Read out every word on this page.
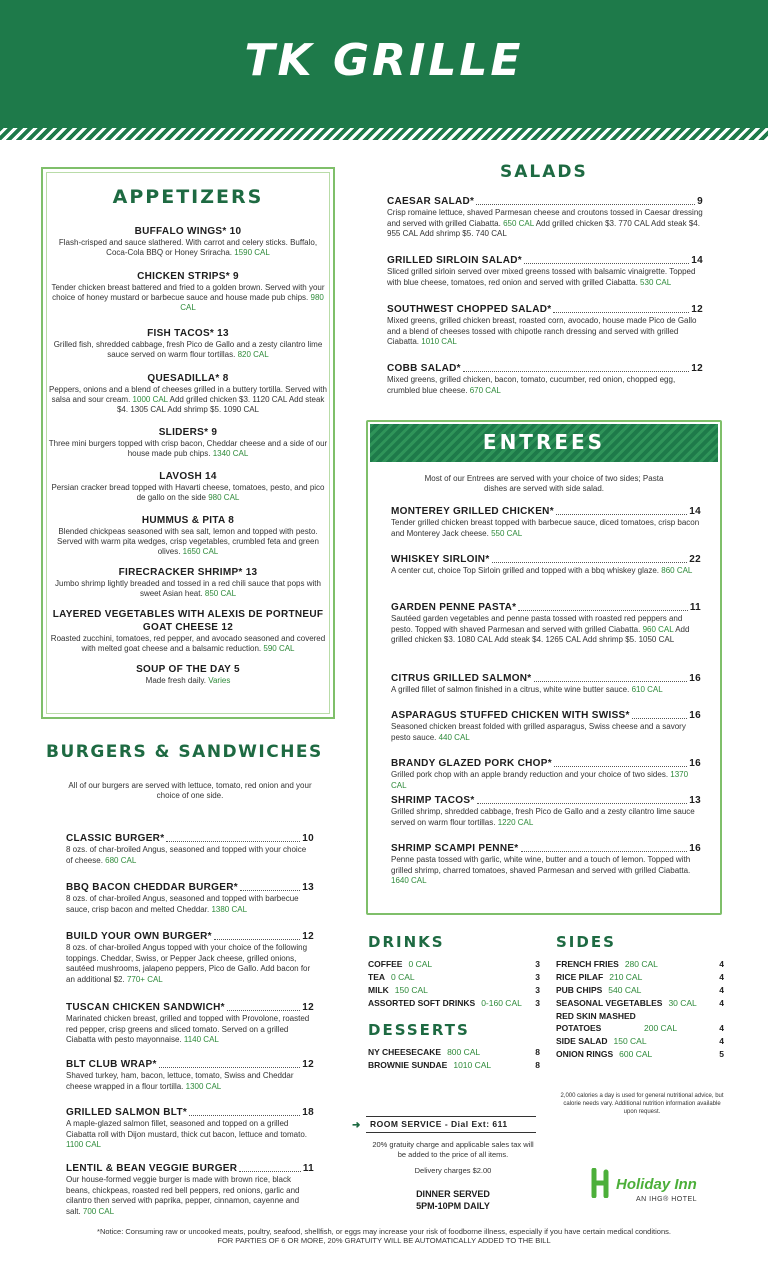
TK GRILLE
APPETIZERS
BUFFALO WINGS* 10
Flash-crisped and sauce slathered. With carrot and celery sticks. Buffalo, Coca-Cola BBQ or Honey Sriracha. 1590 CAL
CHICKEN STRIPS* 9
Tender chicken breast battered and fried to a golden brown. Served with your choice of honey mustard or barbecue sauce and house made pub chips. 980 CAL
FISH TACOS* 13
Grilled fish, shredded cabbage, fresh Pico de Gallo and a zesty cilantro lime sauce served on warm flour tortillas. 820 CAL
QUESADILLA* 8
Peppers, onions and a blend of cheeses grilled in a buttery tortilla. Served with salsa and sour cream. 1000 CAL Add grilled chicken $3. 1120 CAL Add steak $4. 1305 CAL Add shrimp $5. 1090 CAL
SLIDERS* 9
Three mini burgers topped with crisp bacon, Cheddar cheese and a side of our house made pub chips. 1340 CAL
LAVOSH 14
Persian cracker bread topped with Havarti cheese, tomatoes, pesto, and pico de gallo on the side 980 CAL
HUMMUS & PITA 8
Blended chickpeas seasoned with sea salt, lemon and topped with pesto. Served with warm pita wedges, crisp vegetables, crumbled feta and green olives. 1650 CAL
FIRECRACKER SHRIMP* 13
Jumbo shrimp lightly breaded and tossed in a red chili sauce that pops with sweet Asian heat. 850 CAL
LAYERED VEGETABLES WITH ALEXIS DE PORTNEUF GOAT CHEESE 12
Roasted zucchini, tomatoes, red pepper, and avocado seasoned and covered with melted goat cheese and a balsamic reduction. 590 CAL
SOUP OF THE DAY 5
Made fresh daily. Varies
BURGERS & SANDWICHES
All of our burgers are served with lettuce, tomato, red onion and your choice of one side.
CLASSIC BURGER*	10
8 ozs. of char-broiled Angus, seasoned and topped with your choice of cheese. 680 CAL
BBQ BACON CHEDDAR BURGER*	13
8 ozs. of char-broiled Angus, seasoned and topped with barbecue sauce, crisp bacon and melted Cheddar. 1380 CAL
BUILD YOUR OWN BURGER*	12
8 ozs. of char-broiled Angus topped with your choice of the following toppings. Cheddar, Swiss, or Pepper Jack cheese, grilled onions, sautéed mushrooms, jalapeno peppers, Pico de Gallo. Add bacon for an additional $2. 770+ CAL
TUSCAN CHICKEN SANDWICH*	12
Marinated chicken breast, grilled and topped with Provolone, roasted red pepper, crisp greens and sliced tomato. Served on a grilled Ciabatta with pesto mayonnaise. 1140 CAL
BLT CLUB WRAP*	12
Shaved turkey, ham, bacon, lettuce, tomato, Swiss and Cheddar cheese wrapped in a flour tortilla. 1300 CAL
GRILLED SALMON BLT*	18
A maple-glazed salmon fillet, seasoned and topped on a grilled Ciabatta roll with Dijon mustard, thick cut bacon, lettuce and tomato. 1100 CAL
LENTIL & BEAN VEGGIE BURGER	11
Our house-formed veggie burger is made with brown rice, black beans, chickpeas, roasted red bell peppers, red onions, garlic and cilantro then served with paprika, pepper, cinnamon, cayenne and salt. 700 CAL
SALADS
CAESAR SALAD*	9
Crisp romaine lettuce, shaved Parmesan cheese and croutons tossed in Caesar dressing and served with grilled Ciabatta. 650 CAL Add grilled chicken $3. 770 CAL Add steak $4. 955 CAL Add shrimp $5. 740 CAL
GRILLED SIRLOIN SALAD*	14
Sliced grilled sirloin served over mixed greens tossed with balsamic vinaigrette. Topped with blue cheese, tomatoes, red onion and served with grilled Ciabatta. 530 CAL
SOUTHWEST CHOPPED SALAD*	12
Mixed greens, grilled chicken breast, roasted corn, avocado, house made Pico de Gallo and a blend of cheeses tossed with chipotle ranch dressing and served with grilled Ciabatta. 1010 CAL
COBB SALAD*	12
Mixed greens, grilled chicken, bacon, tomato, cucumber, red onion, chopped egg, crumbled blue cheese. 670 CAL
ENTREES
Most of our Entrees are served with your choice of two sides; Pasta dishes are served with side salad.
MONTEREY GRILLED CHICKEN*	14
Tender grilled chicken breast topped with barbecue sauce, diced tomatoes, crisp bacon and Monterey Jack cheese. 550 CAL
WHISKEY SIRLOIN*	22
A center cut, choice Top Sirloin grilled and topped with a bbq whiskey glaze. 860 CAL
GARDEN PENNE PASTA*	11
Sautéed garden vegetables and penne pasta tossed with roasted red peppers and pesto. Topped with shaved Parmesan and served with grilled Ciabatta. 960 CAL Add grilled chicken $3. 1080 CAL Add steak $4. 1265 CAL Add shrimp $5. 1050 CAL
CITRUS GRILLED SALMON*	16
A grilled fillet of salmon finished in a citrus, white wine butter sauce. 610 CAL
ASPARAGUS STUFFED CHICKEN WITH SWISS*	16
Seasoned chicken breast folded with grilled asparagus, Swiss cheese and a savory pesto sauce. 440 CAL
BRANDY GLAZED PORK CHOP*	16
Grilled pork chop with an apple brandy reduction and your choice of two sides. 1370 CAL
SHRIMP TACOS*	13
Grilled shrimp, shredded cabbage, fresh Pico de Gallo and a zesty cilantro lime sauce served on warm flour tortillas. 1220 CAL
SHRIMP SCAMPI PENNE*	16
Penne pasta tossed with garlic, white wine, butter and a touch of lemon. Topped with grilled shrimp, charred tomatoes, shaved Parmesan and served with grilled Ciabatta. 1640 CAL
DRINKS
COFFEE 0 CAL	3
TEA 0 CAL	3
MILK 150 CAL	3
ASSORTED SOFT DRINKS 0-160 CAL	3
DESSERTS
NY CHEESECAKE 800 CAL	8
BROWNIE SUNDAE 1010 CAL	8
SIDES
FRENCH FRIES 280 CAL	4
RICE PILAF 210 CAL	4
PUB CHIPS 540 CAL	4
SEASONAL VEGETABLES 30 CAL	4
RED SKIN MASHED POTATOES	200 CAL	4
SIDE SALAD 150 CAL	4
ONION RINGS 600 CAL	5
2,000 calories a day is used for general nutritional advice, but calorie needs vary. Additional nutrition information available upon request.
➜	ROOM SERVICE - Dial Ext: 611
20% gratuity charge and applicable sales tax will be added to the price of all items.
Delivery charges $2.00
DINNER SERVED
5PM-10PM DAILY
Holiday Inn
AN IHG® HOTEL
*Notice: Consuming raw or uncooked meats, poultry, seafood, shellfish, or eggs may increase your risk of foodborne illness, especially if you have certain medical conditions.
FOR PARTIES OF 6 OR MORE, 20% GRATUITY WILL BE AUTOMATICALLY ADDED TO THE BILL
